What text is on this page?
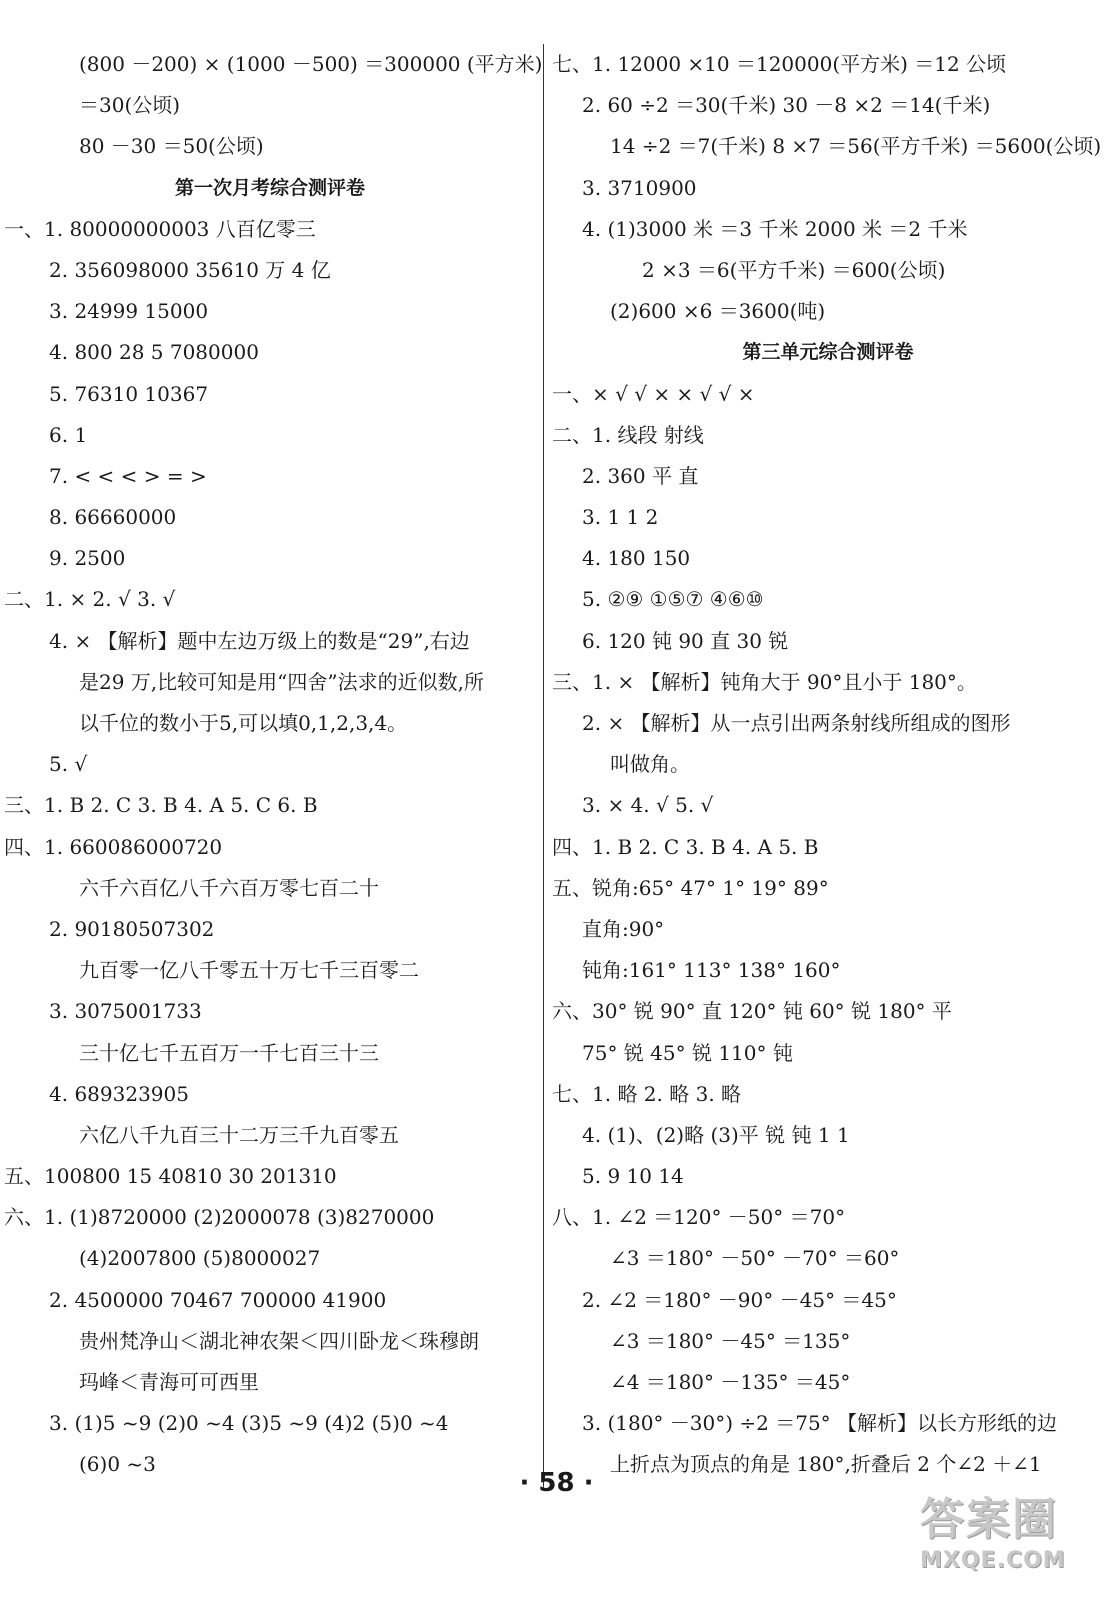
(800 －200) × (1000 －500) ＝300000 (平方米)
＝30(公顷)
80 －30 ＝50(公顷)
第一次月考综合测评卷
一、1. 80000000003 八百亿零三
2. 356098000 35610 万 4 亿
3. 24999 15000
4. 800 28 5 7080000
5. 76310 10367
6. 1
7. < < < > = >
8. 66660000
9. 2500
二、1. × 2. √ 3. √
4. × 【解析】题中左边万级上的数是“29”,右边
是29 万,比较可知是用“四舍”法求的近似数,所
以千位的数小于5,可以填0,1,2,3,4。
5. √
三、1. B 2. C 3. B 4. A 5. C 6. B
四、1. 660086000720
六千六百亿八千六百万零七百二十
2. 90180507302
九百零一亿八千零五十万七千三百零二
3. 3075001733
三十亿七千五百万一千七百三十三
4. 689323905
六亿八千九百三十二万三千九百零五
五、100800 15 40810 30 201310
六、1. (1)8720000 (2)2000078 (3)8270000
(4)2007800 (5)8000027
2. 4500000 70467 700000 41900
贵州梵净山＜湖北神农架＜四川卧龙＜珠穆朗
玛峰＜青海可可西里
3. (1)5 ~9 (2)0 ~4 (3)5 ~9 (4)2 (5)0 ~4
(6)0 ~3
七、1. 12000 ×10 ＝120000(平方米) ＝12 公顷
2. 60 ÷2 ＝30(千米) 30 －8 ×2 ＝14(千米)
14 ÷2 ＝7(千米) 8 ×7 ＝56(平方千米) ＝5600(公顷)
3. 3710900
4. (1)3000 米 ＝3 千米 2000 米 ＝2 千米
2 ×3 ＝6(平方千米) ＝600(公顷)
(2)600 ×6 ＝3600(吨)
第三单元综合测评卷
一、× √ √ × × √ √ ×
二、1. 线段 射线
2. 360 平 直
3. 1 1 2
4. 180 150
5. ②⑨ ①⑤⑦ ④⑥⑩
6. 120 钝 90 直 30 锐
三、1. × 【解析】钝角大于 90°且小于 180°。
2. × 【解析】从一点引出两条射线所组成的图形
叫做角。
3. × 4. √ 5. √
四、1. B 2. C 3. B 4. A 5. B
五、锐角:65° 47° 1° 19° 89°
直角:90°
钝角:161° 113° 138° 160°
六、30° 锐 90° 直 120° 钝 60° 锐 180° 平
75° 锐 45° 锐 110° 钝
七、1. 略 2. 略 3. 略
4. (1)、(2)略 (3)平 锐 钝 1 1
5. 9 10 14
八、1. ∠2 ＝120° －50° ＝70°
∠3 ＝180° －50° －70° ＝60°
2. ∠2 ＝180° －90° －45° ＝45°
∠3 ＝180° －45° ＝135°
∠4 ＝180° －135° ＝45°
3. (180° －30°) ÷2 ＝75° 【解析】以长方形纸的边
上折点为顶点的角是 180°,折叠后 2 个∠2 ＋∠1
· 58 ·
答案圈
MXQE.COM
